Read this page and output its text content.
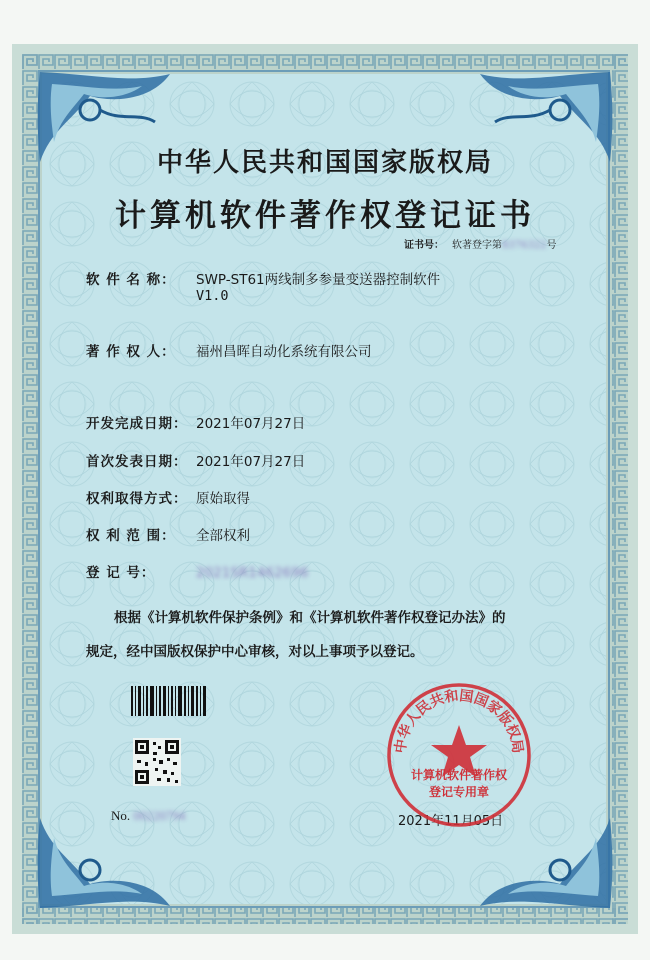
中华人民共和国国家版权局
计算机软件著作权登记证书
证书号： 软著登字第8376322号
软 件 名 称： SWP-ST61两线制多参量变送器控制软件
V1.0
著 作 权 人： 福州昌晖自动化系统有限公司
开发完成日期： 2021年07月27日
首次发表日期： 2021年07月27日
权利取得方式： 原始取得
权 利 范 围： 全部权利
登 记 号：	2021SR1462696
根据《计算机软件保护条例》和《计算机软件著作权登记办法》的
规定，经中国版权保护中心审核，对以上事项予以登记。
No. 00220794	2021年11月05日
中华人民共和国国家版权局
计算机软件著作权
登记专用章
